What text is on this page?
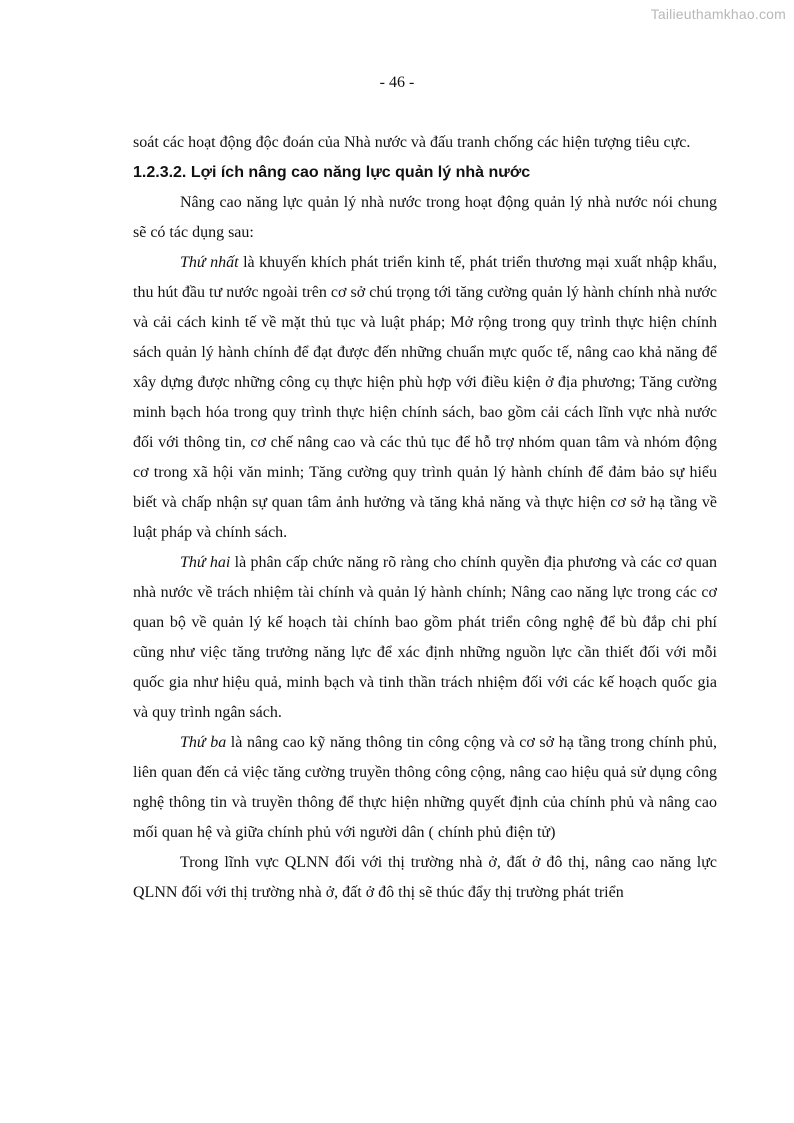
Tailieuthamkhao.com
- 46 -

soát các hoạt động độc đoán của Nhà nước và đấu tranh chống các hiện tượng tiêu cực.

1.2.3.2. Lợi ích nâng cao năng lực quản lý nhà nước

Nâng cao năng lực quản lý nhà nước trong hoạt động quản lý nhà nước nói chung sẽ có tác dụng sau:

Thứ nhất là khuyến khích phát triển kinh tế, phát triển thương mại xuất nhập khẩu, thu hút đầu tư nước ngoài trên cơ sở chú trọng tới tăng cường quản lý hành chính nhà nước và cải cách kinh tế về mặt thủ tục và luật pháp; Mở rộng trong quy trình thực hiện chính sách quản lý hành chính để đạt được đến những chuẩn mực quốc tế, nâng cao khả năng để xây dựng được những công cụ thực hiện phù hợp với điều kiện ở địa phương; Tăng cường minh bạch hóa trong quy trình thực hiện chính sách, bao gồm cải cách lĩnh vực nhà nước đối với thông tin, cơ chế nâng cao và các thủ tục để hỗ trợ nhóm quan tâm và nhóm động cơ trong xã hội văn minh; Tăng cường quy trình quản lý hành chính để đảm bảo sự hiểu biết và chấp nhận sự quan tâm ảnh hưởng và tăng khả năng và thực hiện cơ sở hạ tầng về luật pháp và chính sách.

Thứ hai là phân cấp chức năng rõ ràng cho chính quyền địa phương và các cơ quan nhà nước về trách nhiệm tài chính và quản lý hành chính; Nâng cao năng lực trong các cơ quan bộ về quản lý kế hoạch tài chính bao gồm phát triển công nghệ để bù đắp chi phí cũng như việc tăng trưởng năng lực để xác định những nguồn lực cần thiết đối với mỗi quốc gia như hiệu quả, minh bạch và tinh thần trách nhiệm đối với các kế hoạch quốc gia và quy trình ngân sách.

Thứ ba là nâng cao kỹ năng thông tin công cộng và cơ sở hạ tầng trong chính phủ, liên quan đến cả việc tăng cường truyền thông công cộng, nâng cao hiệu quả sử dụng công nghệ thông tin và truyền thông để thực hiện những quyết định của chính phủ và nâng cao mối quan hệ và giữa chính phủ với người dân ( chính phủ điện tử)

Trong lĩnh vực QLNN đối với thị trường nhà ở, đất ở đô thị, nâng cao năng lực QLNN đối với thị trường nhà ở, đất ở đô thị sẽ thúc đẩy thị trường phát triển
